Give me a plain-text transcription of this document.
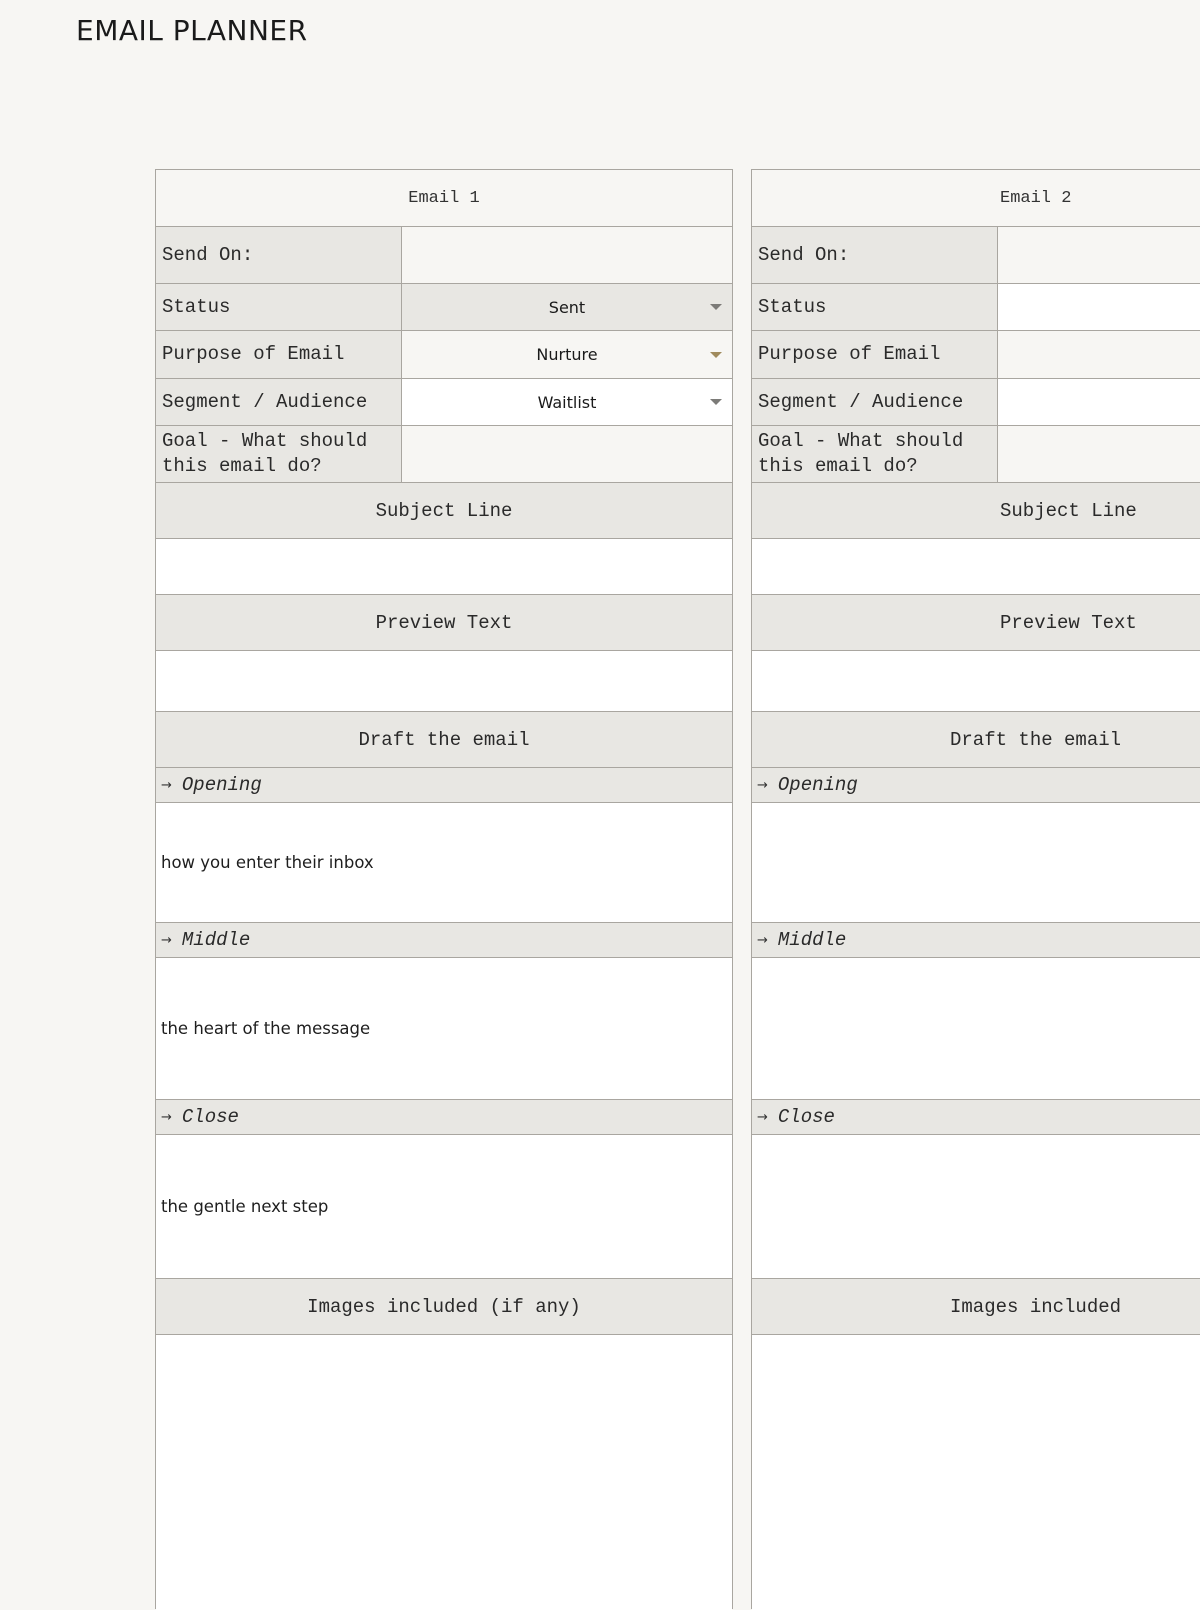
EMAIL PLANNER
Email 1
Send On:
Status	Sent
Purpose of Email	Nurture
Segment / Audience	Waitlist
Goal - What should
this email do?
Subject Line
Preview Text
Draft the email
→ Opening
how you enter their inbox
→ Middle
the heart of the message
→ Close
the gentle next step
Images included (if any)
Email 2
Send On:
Status
Purpose of Email
Segment / Audience
Goal - What should
this email do?
Subject Line
Preview Text
Draft the email
→ Opening
→ Middle
→ Close
Images included
